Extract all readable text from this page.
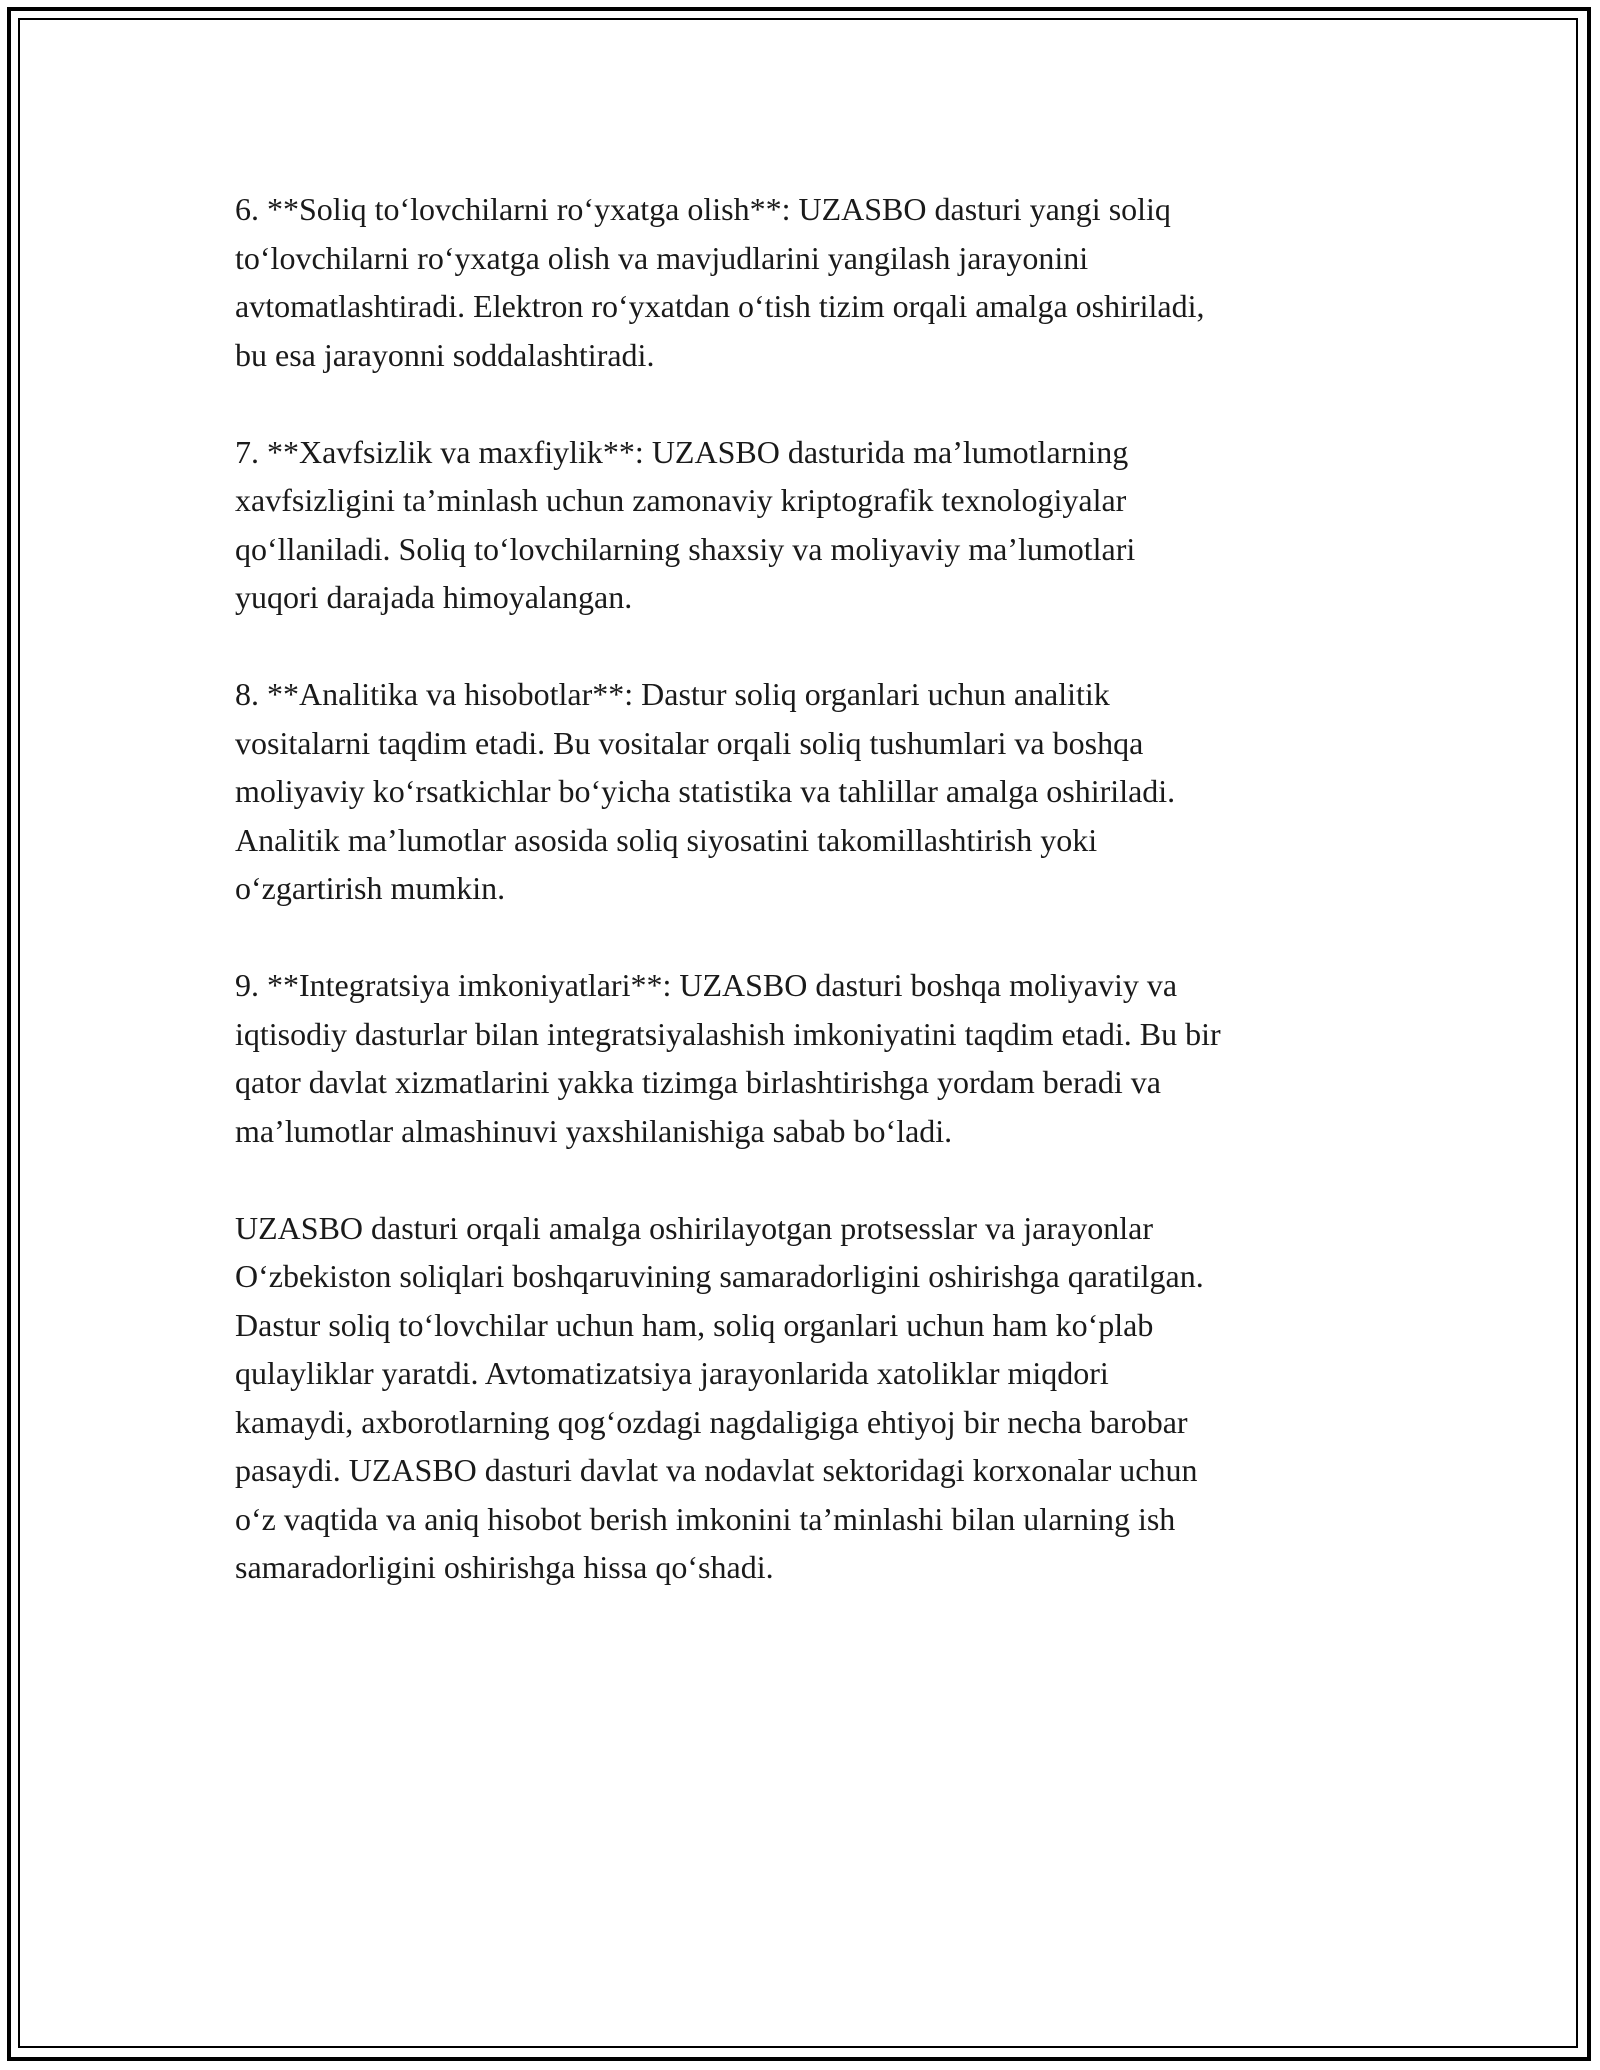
6. **Soliq to‘lovchilarni ro‘yxatga olish**: UZASBO dasturi yangi soliq
to‘lovchilarni ro‘yxatga olish va mavjudlarini yangilash jarayonini
avtomatlashtiradi. Elektron ro‘yxatdan o‘tish tizim orqali amalga oshiriladi,
bu esa jarayonni soddalashtiradi.

7. **Xavfsizlik va maxfiylik**: UZASBO dasturida ma’lumotlarning
xavfsizligini ta’minlash uchun zamonaviy kriptografik texnologiyalar
qo‘llaniladi. Soliq to‘lovchilarning shaxsiy va moliyaviy ma’lumotlari
yuqori darajada himoyalangan.

8. **Analitika va hisobotlar**: Dastur soliq organlari uchun analitik
vositalarni taqdim etadi. Bu vositalar orqali soliq tushumlari va boshqa
moliyaviy ko‘rsatkichlar bo‘yicha statistika va tahlillar amalga oshiriladi.
Analitik ma’lumotlar asosida soliq siyosatini takomillashtirish yoki
o‘zgartirish mumkin.

9. **Integratsiya imkoniyatlari**: UZASBO dasturi boshqa moliyaviy va
iqtisodiy dasturlar bilan integratsiyalashish imkoniyatini taqdim etadi. Bu bir
qator davlat xizmatlarini yakka tizimga birlashtirishga yordam beradi va
ma’lumotlar almashinuvi yaxshilanishiga sabab bo‘ladi.

UZASBO dasturi orqali amalga oshirilayotgan protsesslar va jarayonlar
O‘zbekiston soliqlari boshqaruvining samaradorligini oshirishga qaratilgan.
Dastur soliq to‘lovchilar uchun ham, soliq organlari uchun ham ko‘plab
qulayliklar yaratdi. Avtomatizatsiya jarayonlarida xatoliklar miqdori
kamaydi, axborotlarning qog‘ozdagi nagdaligiga ehtiyoj bir necha barobar
pasaydi. UZASBO dasturi davlat va nodavlat sektoridagi korxonalar uchun
o‘z vaqtida va aniq hisobot berish imkonini ta’minlashi bilan ularning ish
samaradorligini oshirishga hissa qo‘shadi.
